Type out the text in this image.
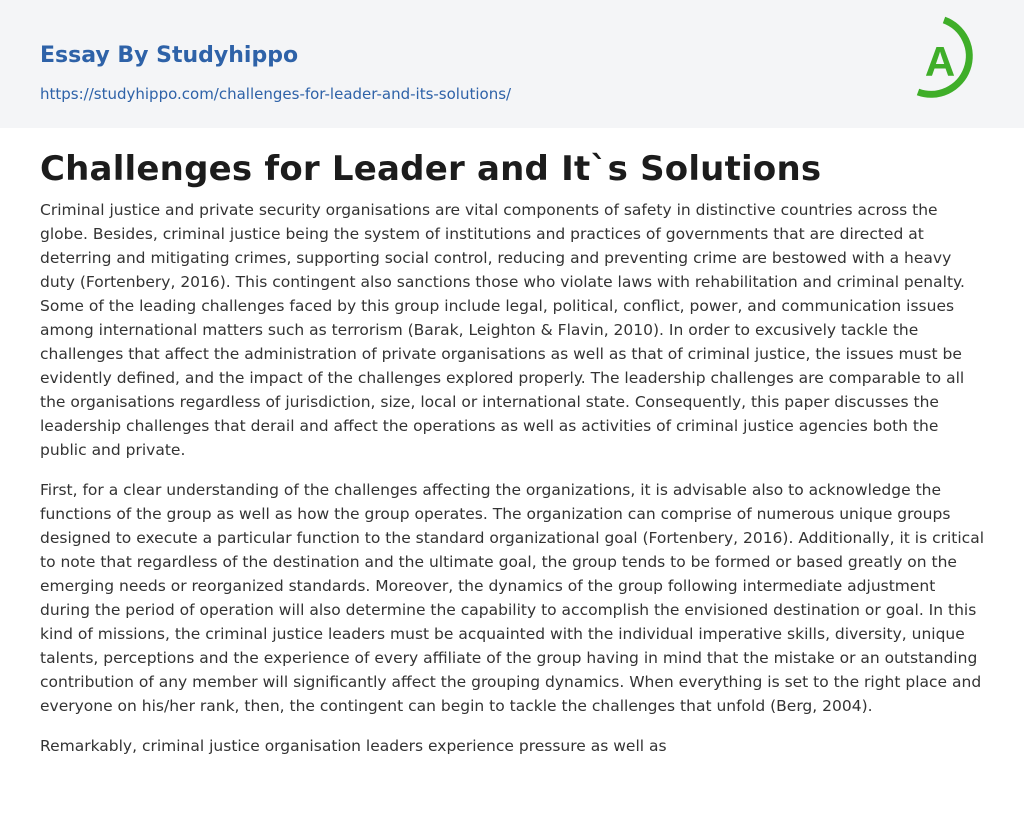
Essay By Studyhippo
https://studyhippo.com/challenges-for-leader-and-its-solutions/
A
Challenges for Leader and It`s Solutions

Criminal justice and private security organisations are vital components of safety in distinctive countries across the globe. Besides, criminal justice being the system of institutions and practices of governments that are directed at deterring and mitigating crimes, supporting social control, reducing and preventing crime are bestowed with a heavy duty (Fortenbery, 2016). This contingent also sanctions those who violate laws with rehabilitation and criminal penalty. Some of the leading challenges faced by this group include legal, political, conflict, power, and communication issues among international matters such as terrorism (Barak, Leighton & Flavin, 2010). In order to excusively tackle the challenges that affect the administration of private organisations as well as that of criminal justice, the issues must be evidently defined, and the impact of the challenges explored properly. The leadership challenges are comparable to all the organisations regardless of jurisdiction, size, local or international state. Consequently, this paper discusses the leadership challenges that derail and affect the operations as well as activities of criminal justice agencies both the public and private.

First, for a clear understanding of the challenges affecting the organizations, it is advisable also to acknowledge the functions of the group as well as how the group operates. The organization can comprise of numerous unique groups designed to execute a particular function to the standard organizational goal (Fortenbery, 2016). Additionally, it is critical to note that regardless of the destination and the ultimate goal, the group tends to be formed or based greatly on the emerging needs or reorganized standards. Moreover, the dynamics of the group following intermediate adjustment during the period of operation will also determine the capability to accomplish the envisioned destination or goal. In this kind of missions, the criminal justice leaders must be acquainted with the individual imperative skills, diversity, unique talents, perceptions and the experience of every affiliate of the group having in mind that the mistake or an outstanding contribution of any member will significantly affect the grouping dynamics. When everything is set to the right place and everyone on his/her rank, then, the contingent can begin to tackle the challenges that unfold (Berg, 2004).

Remarkably, criminal justice organisation leaders experience pressure as well as
